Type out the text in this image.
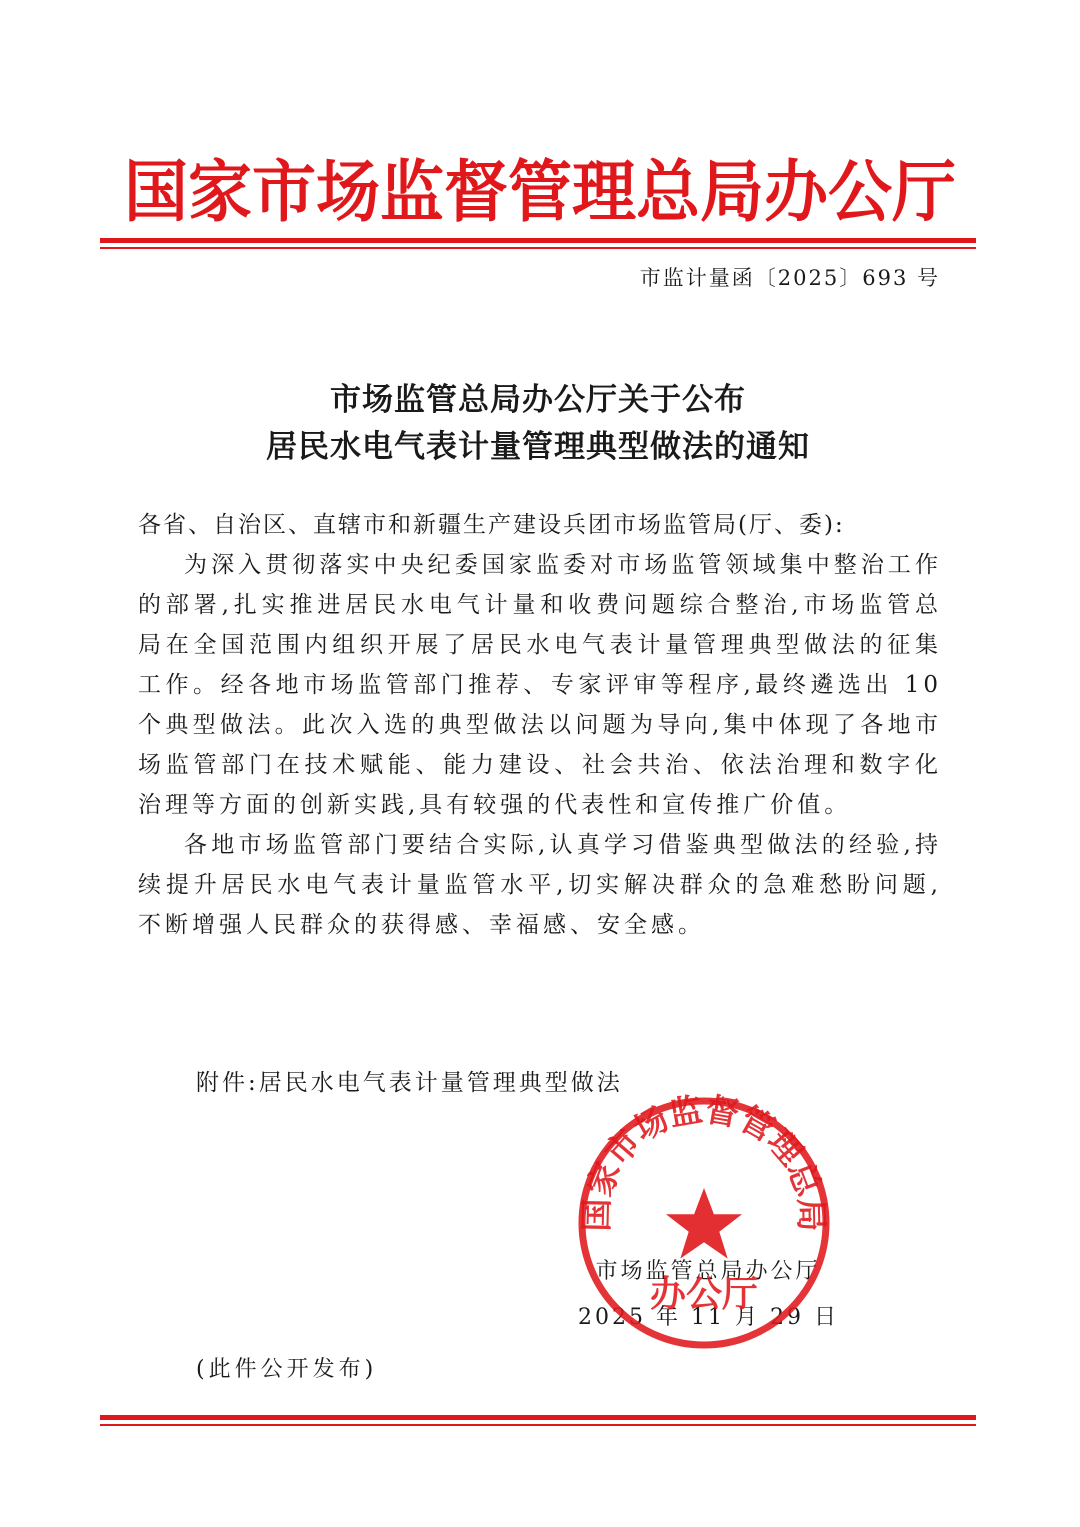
国家市场监督管理总局办公厅
市监计量函〔2025〕693 号
市场监管总局办公厅关于公布
居民水电气表计量管理典型做法的通知
各省、自治区、直辖市和新疆生产建设兵团市场监管局(厅、委):

为深入贯彻落实中央纪委国家监委对市场监管领域集中整治工作的部署,扎实推进居民水电气计量和收费问题综合整治,市场监管总局在全国范围内组织开展了居民水电气表计量管理典型做法的征集工作。经各地市场监管部门推荐、专家评审等程序,最终遴选出 10 个典型做法。此次入选的典型做法以问题为导向,集中体现了各地市场监管部门在技术赋能、能力建设、社会共治、依法治理和数字化治理等方面的创新实践,具有较强的代表性和宣传推广价值。

各地市场监管部门要结合实际,认真学习借鉴典型做法的经验,持续提升居民水电气表计量监管水平,切实解决群众的急难愁盼问题,不断增强人民群众的获得感、幸福感、安全感。

附件:居民水电气表计量管理典型做法
市场监管总局办公厅
2025 年 11 月 29 日
国家市场监督管理总局
办公厅
(此件公开发布)
